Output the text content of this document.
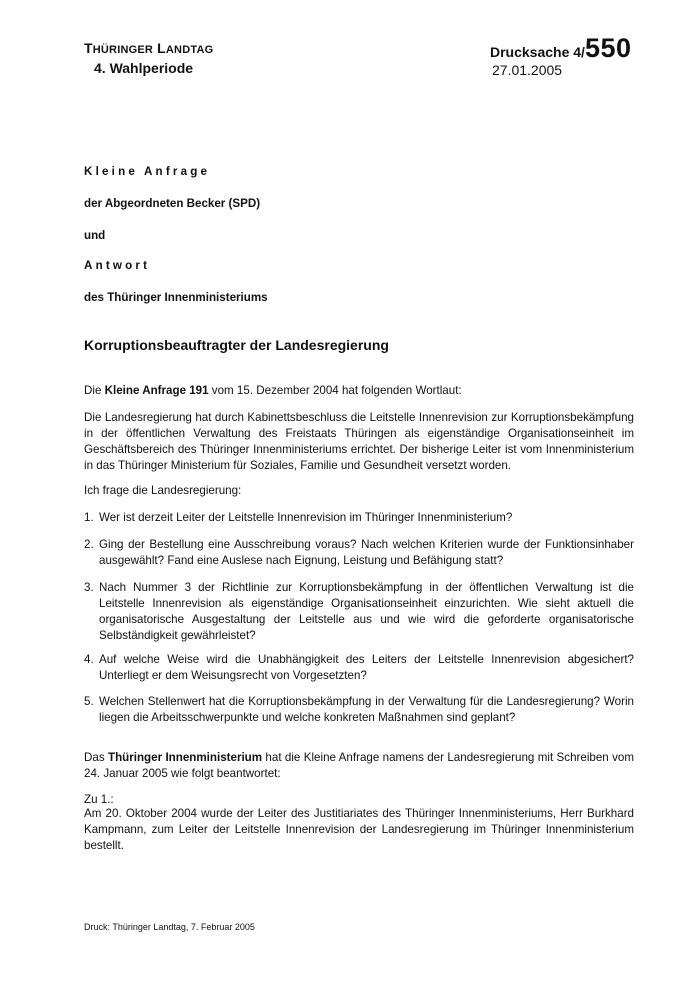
THÜRINGER LANDTAG
4. Wahlperiode
Drucksache 4/550
27.01.2005
Kleine Anfrage
der Abgeordneten Becker (SPD)
und
Antwort
des Thüringer Innenministeriums
Korruptionsbeauftragter der Landesregierung
Die Kleine Anfrage 191 vom 15. Dezember 2004 hat folgenden Wortlaut:
Die Landesregierung hat durch Kabinettsbeschluss die Leitstelle Innenrevision zur Korruptionsbekämpfung in der öffentlichen Verwaltung des Freistaats Thüringen als eigenständige Organisationseinheit im Geschäftsbereich des Thüringer Innenministeriums errichtet. Der bisherige Leiter ist vom Innenministerium in das Thüringer Ministerium für Soziales, Familie und Gesundheit versetzt worden.
Ich frage die Landesregierung:
1. Wer ist derzeit Leiter der Leitstelle Innenrevision im Thüringer Innenministerium?
2. Ging der Bestellung eine Ausschreibung voraus? Nach welchen Kriterien wurde der Funktionsinhaber ausgewählt? Fand eine Auslese nach Eignung, Leistung und Befähigung statt?
3. Nach Nummer 3 der Richtlinie zur Korruptionsbekämpfung in der öffentlichen Verwaltung ist die Leitstelle Innenrevision als eigenständige Organisationseinheit einzurichten. Wie sieht aktuell die organisatorische Ausgestaltung der Leitstelle aus und wie wird die geforderte organisatorische Selbständigkeit gewährleistet?
4. Auf welche Weise wird die Unabhängigkeit des Leiters der Leitstelle Innenrevision abgesichert? Unterliegt er dem Weisungsrecht von Vorgesetzten?
5. Welchen Stellenwert hat die Korruptionsbekämpfung in der Verwaltung für die Landesregierung? Worin liegen die Arbeitsschwerpunkte und welche konkreten Maßnahmen sind geplant?
Das Thüringer Innenministerium hat die Kleine Anfrage namens der Landesregierung mit Schreiben vom 24. Januar 2005 wie folgt beantwortet:
Zu 1.:
Am 20. Oktober 2004 wurde der Leiter des Justitiariates des Thüringer Innenministeriums, Herr Burkhard Kampmann, zum Leiter der Leitstelle Innenrevision der Landesregierung im Thüringer Innenministerium bestellt.
Druck: Thüringer Landtag, 7. Februar 2005
